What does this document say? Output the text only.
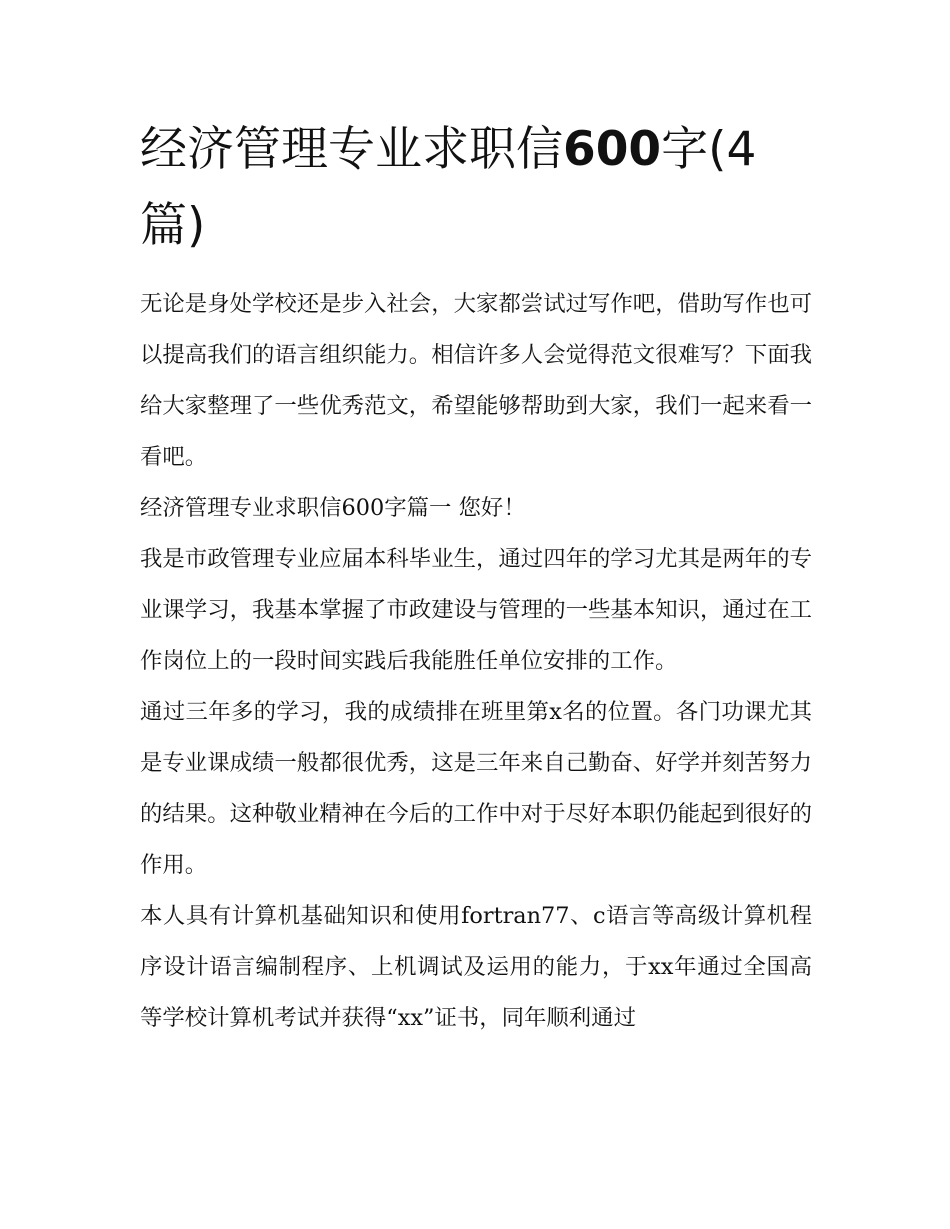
经济管理专业求职信600字(4篇)

无论是身处学校还是步入社会，大家都尝试过写作吧，借助写作也可以提高我们的语言组织能力。相信许多人会觉得范文很难写？下面我给大家整理了一些优秀范文，希望能够帮助到大家，我们一起来看一看吧。

经济管理专业求职信600字篇一 您好！

我是市政管理专业应届本科毕业生，通过四年的学习尤其是两年的专业课学习，我基本掌握了市政建设与管理的一些基本知识，通过在工作岗位上的一段时间实践后我能胜任单位安排的工作。

通过三年多的学习，我的成绩排在班里第x名的位置。各门功课尤其是专业课成绩一般都很优秀，这是三年来自己勤奋、好学并刻苦努力的结果。这种敬业精神在今后的工作中对于尽好本职仍能起到很好的作用。

本人具有计算机基础知识和使用fortran77、c语言等高级计算机程序设计语言编制程序、上机调试及运用的能力，于xx年通过全国高等学校计算机考试并获得“xx”证书，同年顺利通过
